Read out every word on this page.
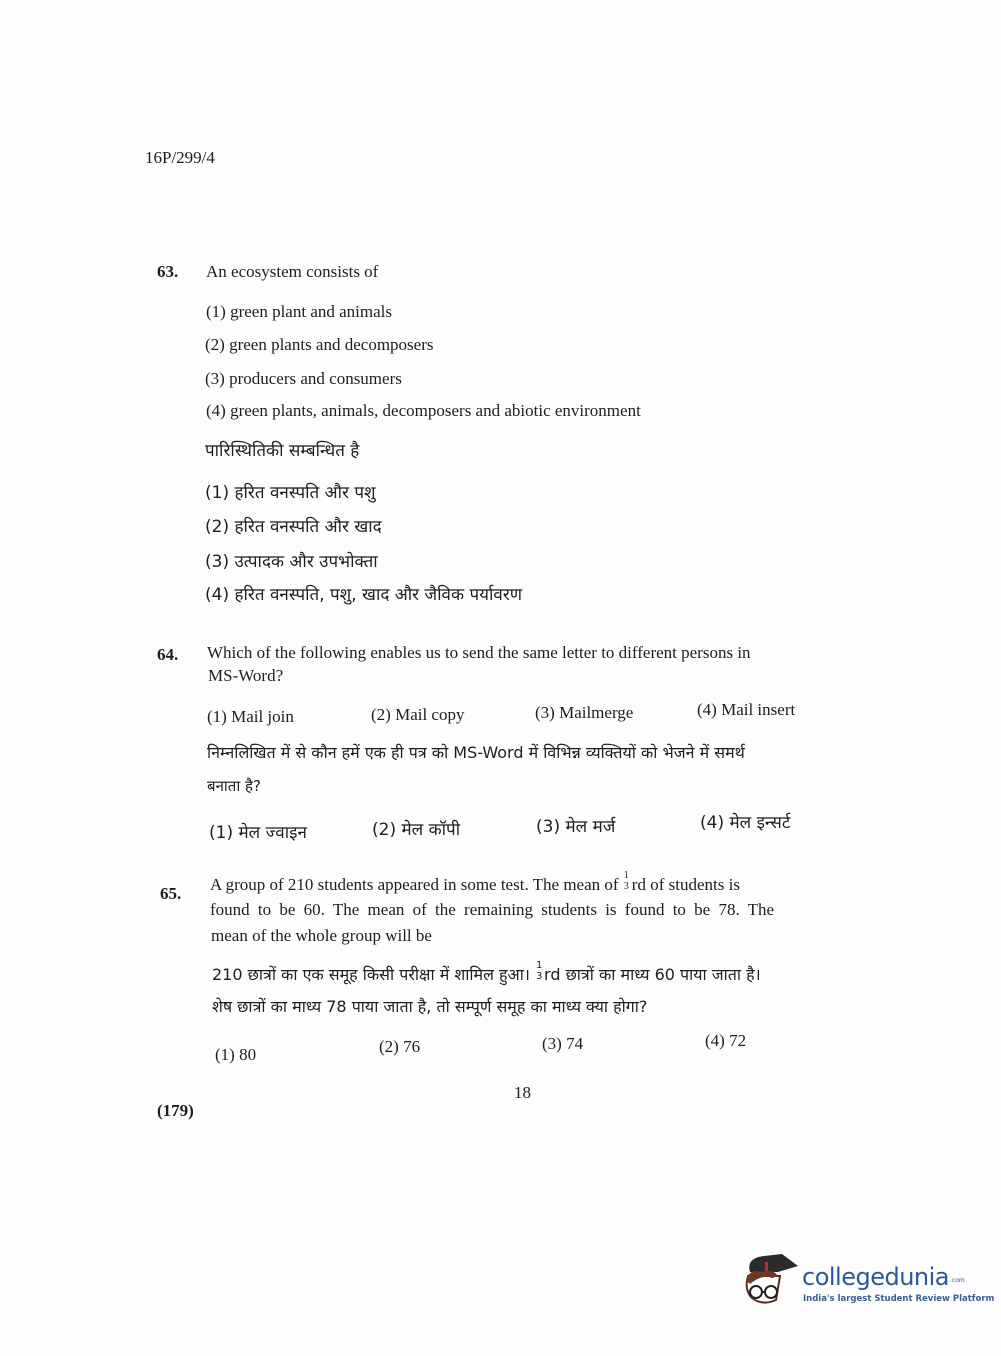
16P/299/4
63. An ecosystem consists of
(1) green plant and animals
(2) green plants and decomposers
(3) producers and consumers
(4) green plants, animals, decomposers and abiotic environment
पारिस्थितिकी सम्बन्धित है
(1) हरित वनस्पति और पशु
(2) हरित वनस्पति और खाद
(3) उत्पादक और उपभोक्ता
(4) हरित वनस्पति, पशु, खाद और जैविक पर्यावरण
64. Which of the following enables us to send the same letter to different persons in
MS-Word?
(1) Mail join	(2) Mail copy	(3) Mailmerge	(4) Mail insert
निम्नलिखित में से कौन हमें एक ही पत्र को MS-Word में विभिन्न व्यक्तियों को भेजने में समर्थ
बनाता है?
(1) मेल ज्वाइन	(2) मेल कॉपी	(3) मेल मर्ज	(4) मेल इन्सर्ट
65. A group of 210 students appeared in some test. The mean of 1
3 rd of students is
found to be 60. The mean of the remaining students is found to be 78. The
mean of the whole group will be
210 छात्रों का एक समूह किसी परीक्षा में शामिल हुआ। 1
3 rd छात्रों का माध्य 60 पाया जाता है।
शेष छात्रों का माध्य 78 पाया जाता है, तो सम्पूर्ण समूह का माध्य क्या होगा?
(1) 80	(2) 76	(3) 74	(4) 72
18
(179)
collegedunia .com
India's largest Student Review Platform
